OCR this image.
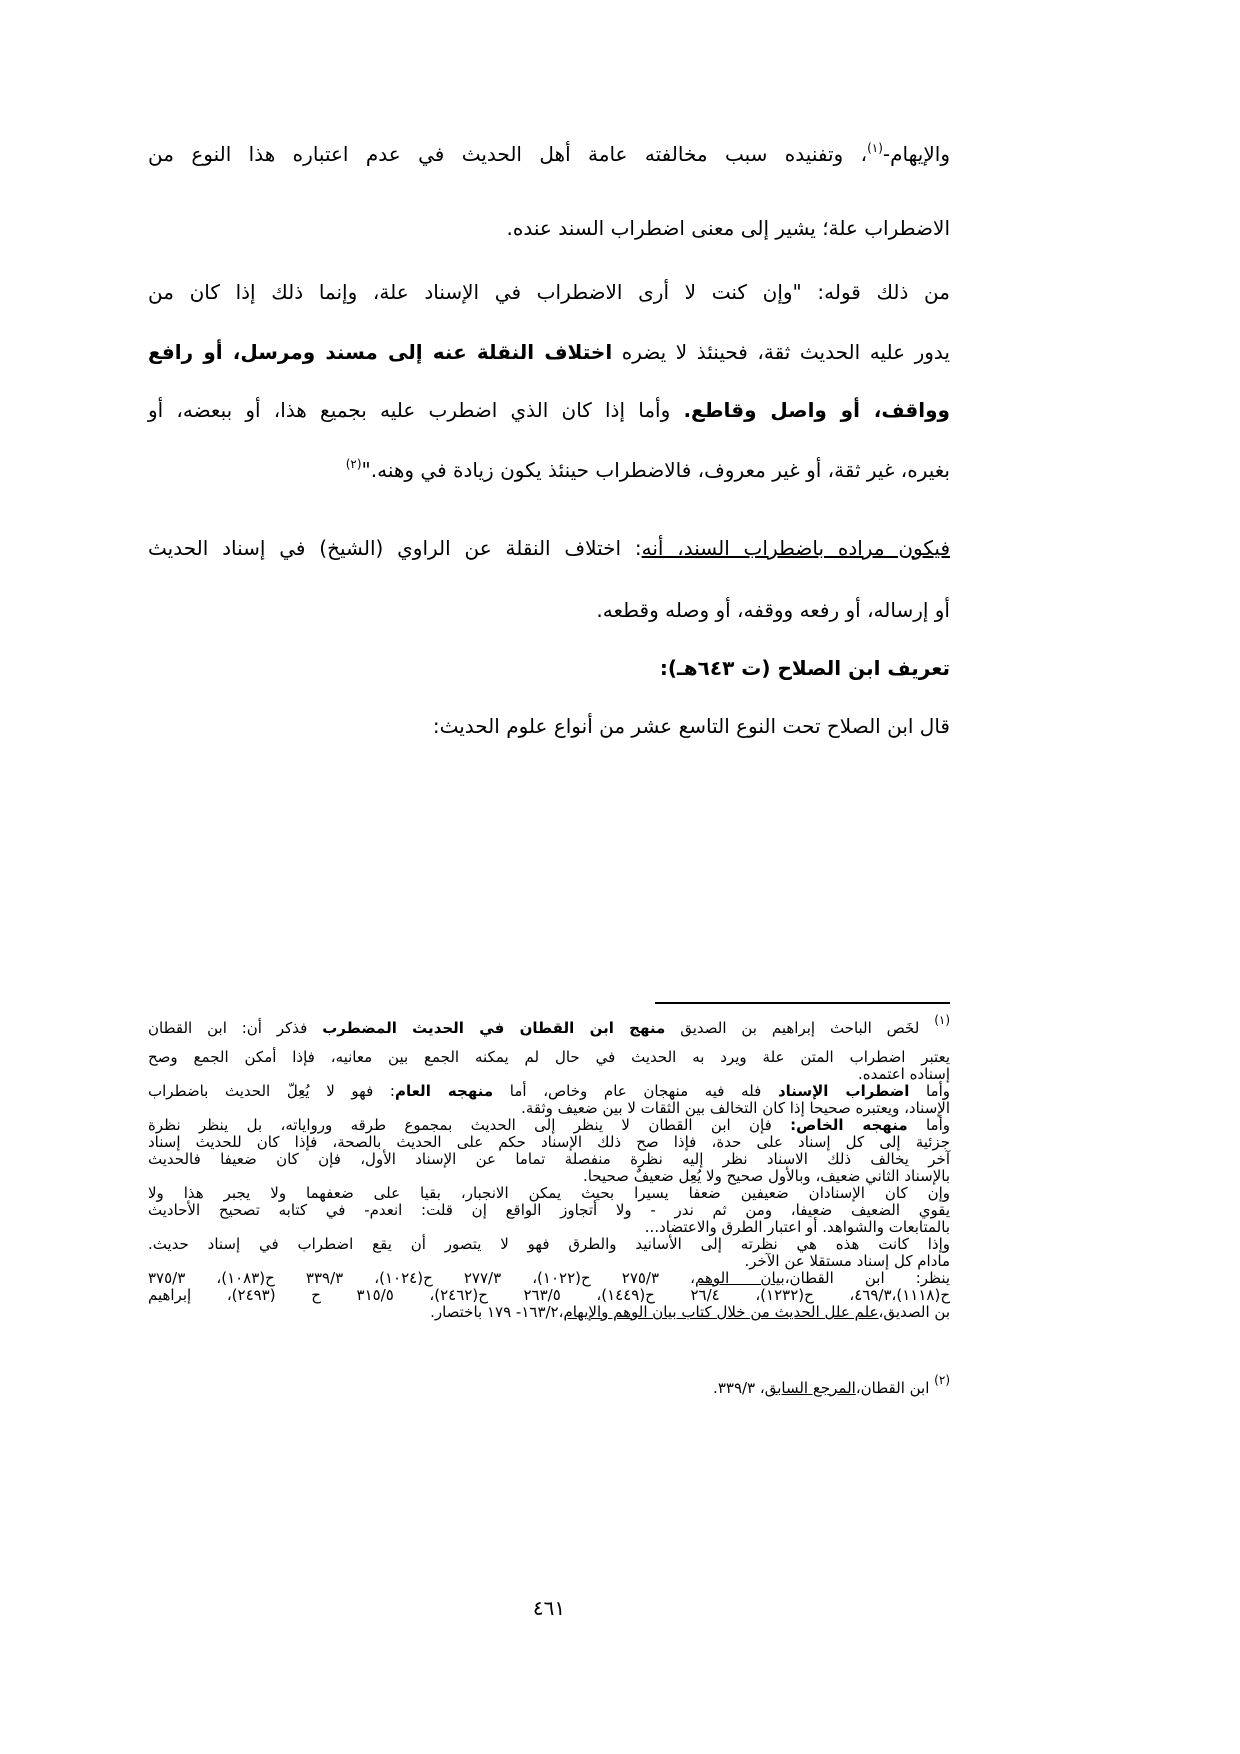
والإيهام-$^{(١)}$، وتفنيده سبب مخالفته عامة أهل الحديث في عدم اعتباره هذا النوع من

الاضطراب علة؛ يشير إلى معنى اضطراب السند عنده.

من ذلك قوله: "وإن كنت لا أرى الاضطراب في الإسناد علة، وإنما ذلك إذا كان من

يدور عليه الحديث ثقة، فحينئذ لا يضره اختلاف النقلة عنه إلى مسند ومرسل، أو رافع

وواقف، أو واصل وقاطع. وأما إذا كان الذي اضطرب عليه بجميع هذا، أو ببعضه، أو

بغيره، غير ثقة، أو غير معروف، فالاضطراب حينئذ يكون زيادة في وهنه."$^{(٢)}$

فيكون مراده باضطراب السند، أنه: اختلاف النقلة عن الراوي (الشيخ) في إسناد الحديث

أو إرساله، أو رفعه ووقفه، أو وصله وقطعه.

تعريف ابن الصلاح (ت ٦٤٣هـ):

قال ابن الصلاح تحت النوع التاسع عشر من أنواع علوم الحديث:

$^{(١)}$ لخَص الباحث إبراهيم بن الصديق منهج ابن القطان في الحديث المضطرب فذكر أن: ابن القطان
يعتبر اضطراب المتن علة ويرد به الحديث في حال لم يمكنه الجمع بين معانيه، فإذا أمكن الجمع وصح
إسناده اعتمده.
وأما اضطراب الإسناد فله فيه منهجان عام وخاص، أما منهجه العام: فهو لا يُعِلّ الحديث باضطراب
الإسناد، ويعتبره صحيحا إذا كان التخالف بين الثقات لا بين ضعيف وثقة.
وأما منهجه الخاص: فإن ابن القطان لا ينظر إلى الحديث بمجموع طرقه ورواياته، بل ينظر نظرة
جزئية إلى كل إسناد على حدة، فإذا صح ذلك الإسناد حكم على الحديث بالصحة، فإذا كان للحديث إسناد
آخر يخالف ذلك الاسناد نظر إليه نظرة منفصلة تماما عن الإسناد الأول، فإن كان ضعيفا فالحديث
بالإسناد الثاني ضعيف، وبالأول صحيح ولا يُعِل ضعيفٌ صحيحا.
وإن كان الإسنادان ضعيفين ضعفا يسيرا بحيث يمكن الانجبار، بقيا على ضعفهما ولا يجبر هذا ولا
يقوي الضعيف ضعيفا، ومن ثم ندر - ولا أتجاوز الواقع إن قلت: انعدم- في كتابه تصحيح الأحاديث
بالمتابعات والشواهد. أو اعتبار الطرق والاعتضاد...
وإذا كانت هذه هي نظرته إلى الأسانيد والطرق فهو لا يتصور أن يقع اضطراب في إسناد حديث.
مادام كل إسناد مستقلا عن الآخر.
ينظر: ابن القطان،بيان الوهم، ٢٧٥/٣ ح(١٠٢٢)، ٢٧٧/٣ ح(١٠٢٤)، ٣٣٩/٣ ح(١٠٨٣)، ٣٧٥/٣
ح(١١١٨)،٤٦٩/٣، ح(١٢٣٢)، ٢٦/٤ ح(١٤٤٩)، ٢٦٣/٥ ح(٢٤٦٢)، ٣١٥/٥ ح (٢٤٩٣)، إبراهيم
بن الصديق،علم علل الحديث من خلال كتاب بيان الوهم والإيهام،١٦٣/٢- ١٧٩ باختصار.
$^{(٢)}$ ابن القطان،المرجع السابق، ٣٣٩/٣.
٤٦١
